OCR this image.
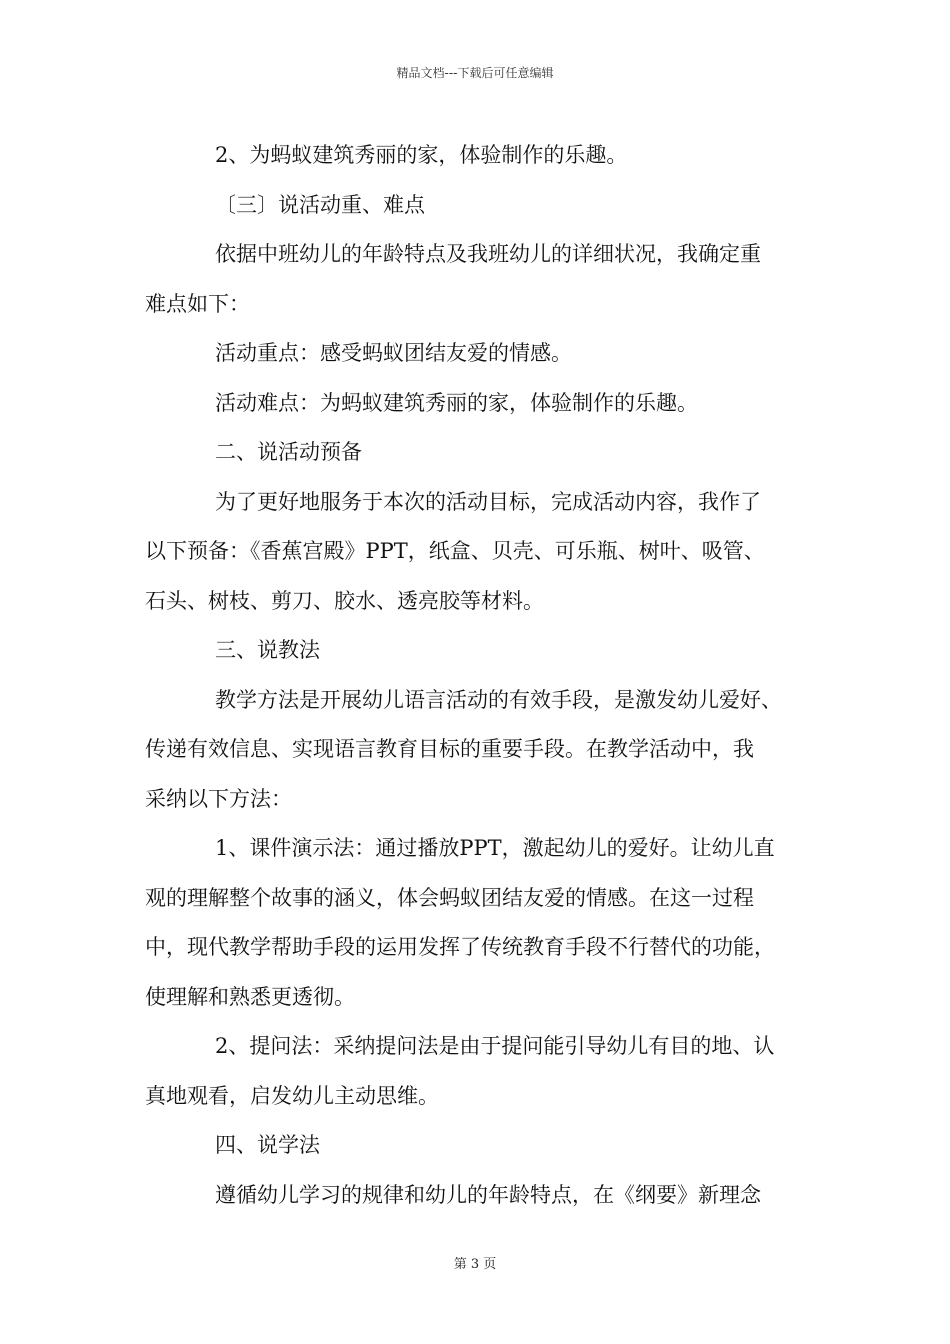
精品文档---下载后可任意编辑

2、为蚂蚁建筑秀丽的家，体验制作的乐趣。

〔三〕说活动重、难点

依据中班幼儿的年龄特点及我班幼儿的详细状况，我确定重

难点如下：

活动重点：感受蚂蚁团结友爱的情感。

活动难点：为蚂蚁建筑秀丽的家，体验制作的乐趣。

二、说活动预备

为了更好地服务于本次的活动目标，完成活动内容，我作了

以下预备：《香蕉宫殿》PPT，纸盒、贝壳、可乐瓶、树叶、吸管、

石头、树枝、剪刀、胶水、透亮胶等材料。

三、说教法

教学方法是开展幼儿语言活动的有效手段，是激发幼儿爱好、

传递有效信息、实现语言教育目标的重要手段。在教学活动中，我

采纳以下方法：

1、课件演示法：通过播放PPT，激起幼儿的爱好。让幼儿直

观的理解整个故事的涵义，体会蚂蚁团结友爱的情感。在这一过程

中，现代教学帮助手段的运用发挥了传统教育手段不行替代的功能，

使理解和熟悉更透彻。

2、提问法：采纳提问法是由于提问能引导幼儿有目的地、认

真地观看，启发幼儿主动思维。

四、说学法

遵循幼儿学习的规律和幼儿的年龄特点，在《纲要》新理念

第 3 页
